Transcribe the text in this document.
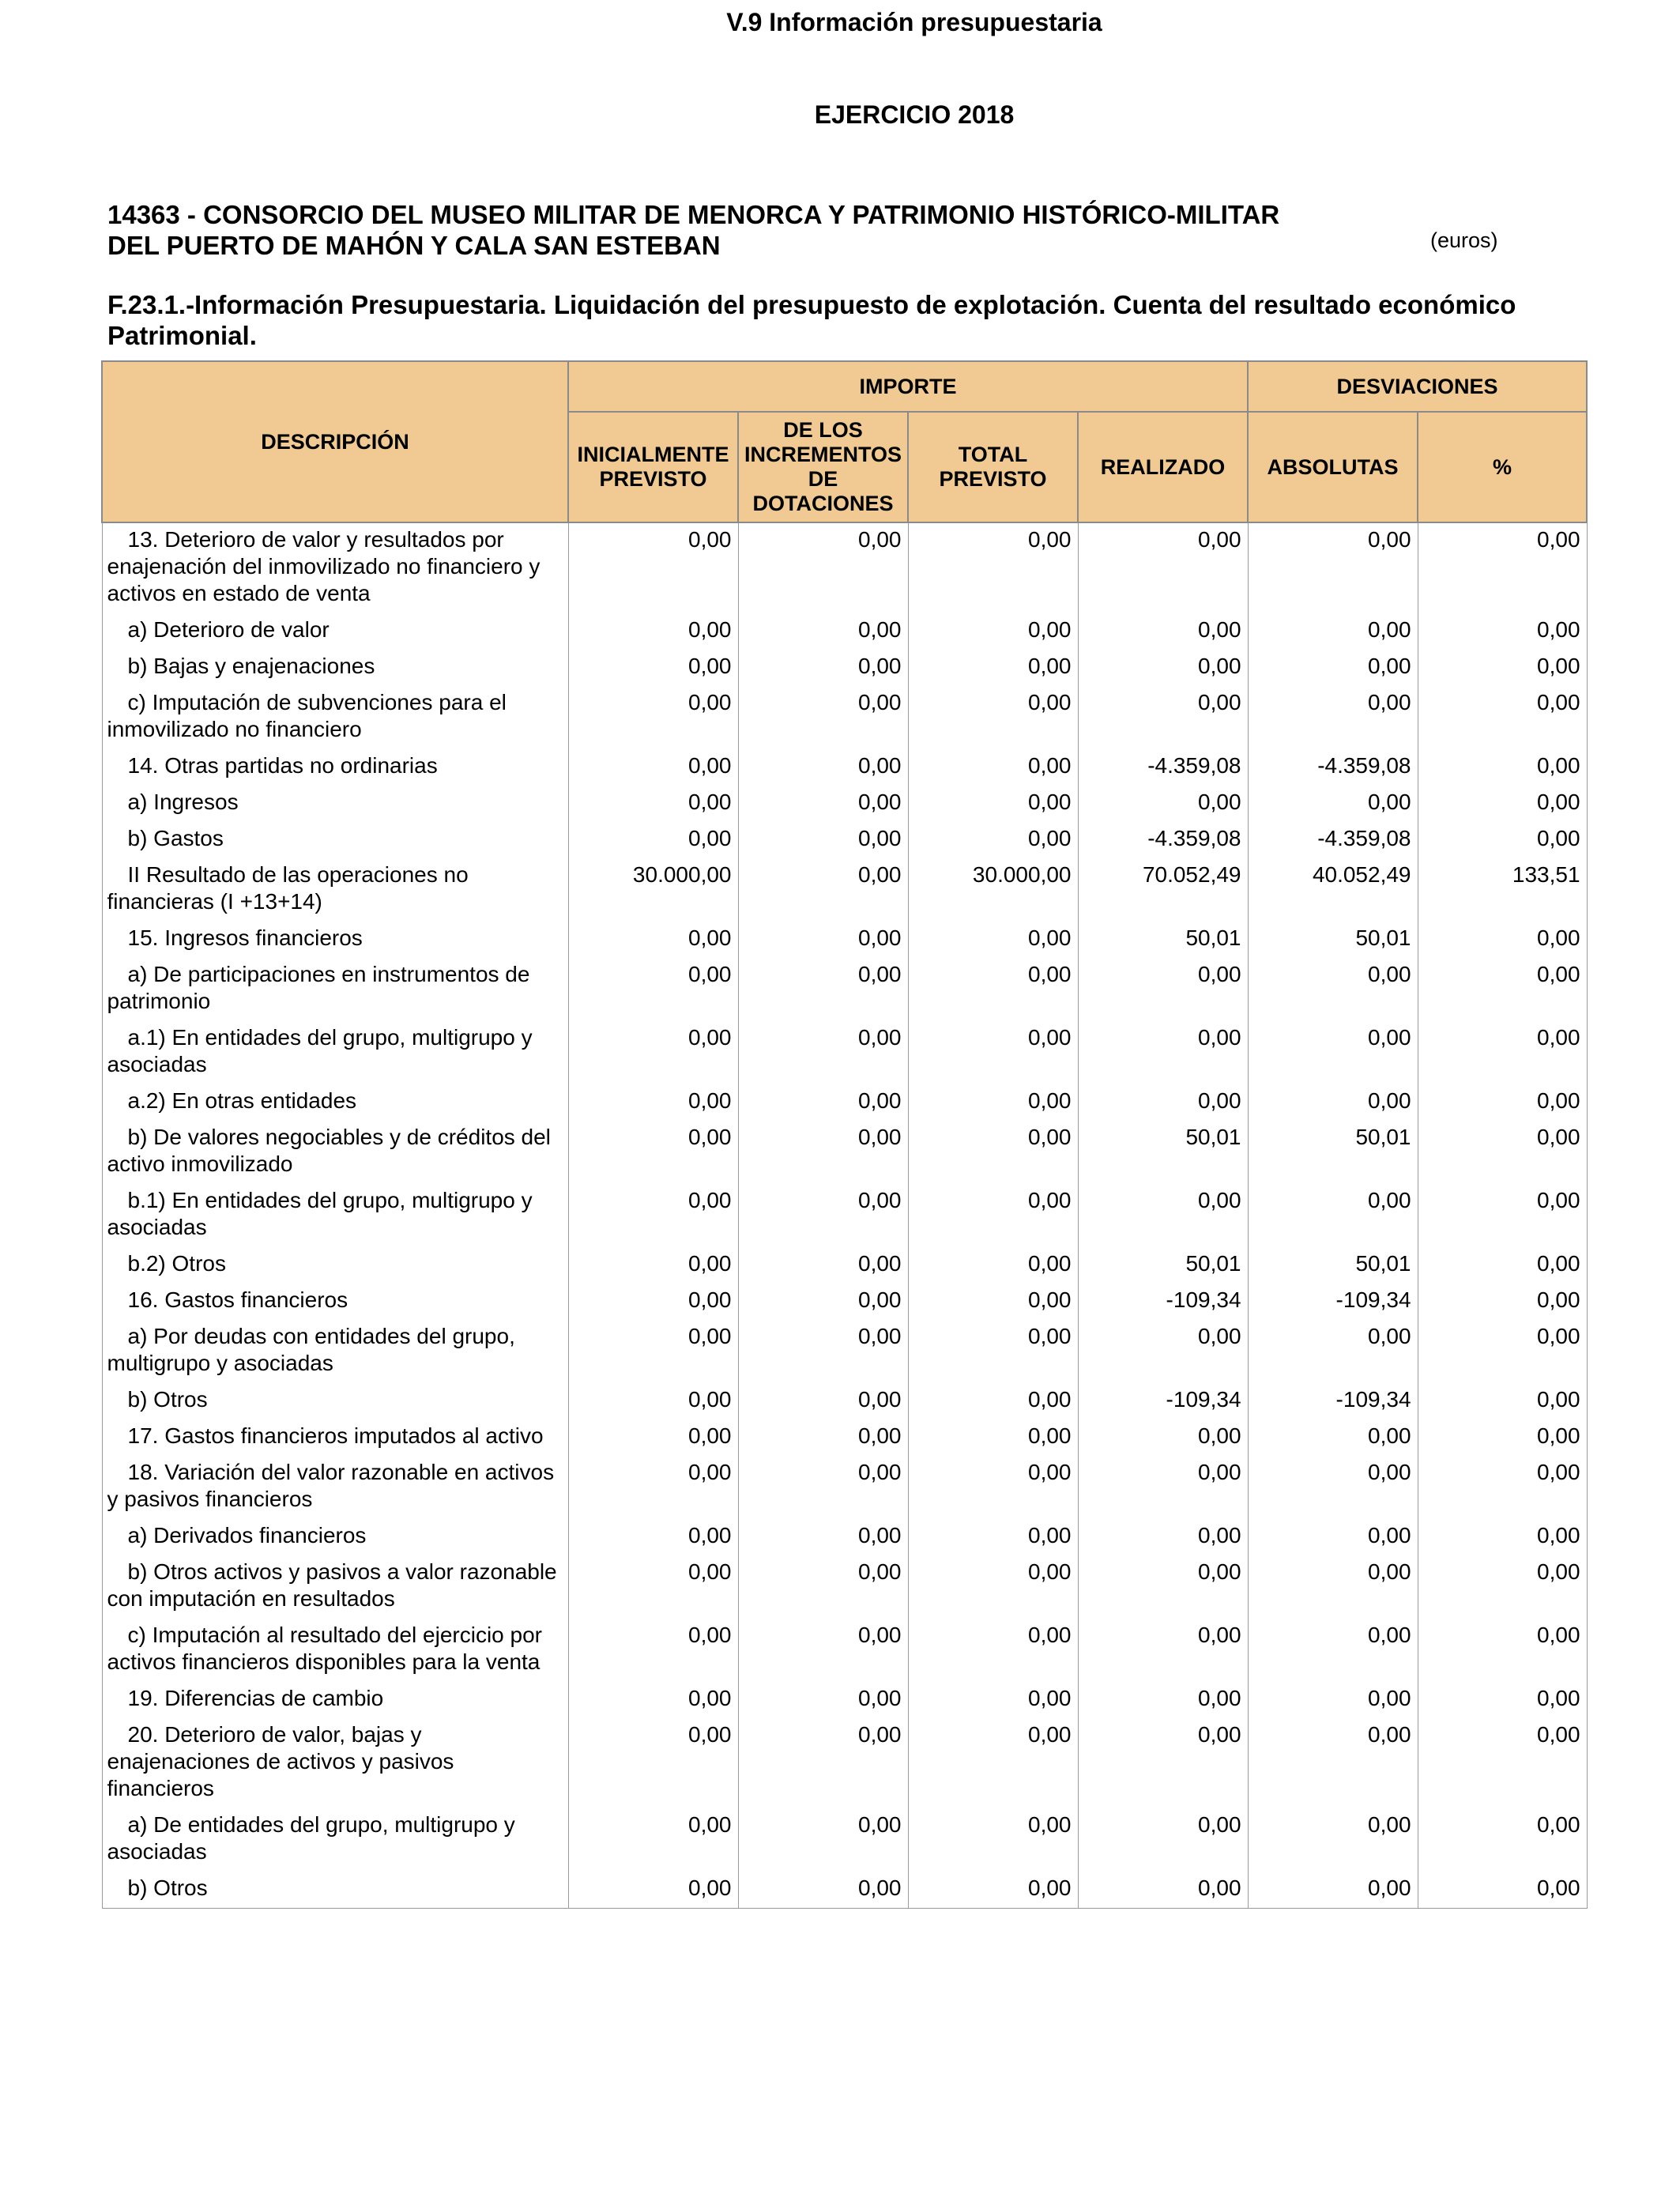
V.9 Información presupuestaria
EJERCICIO 2018
14363 - CONSORCIO DEL MUSEO MILITAR DE MENORCA Y PATRIMONIO HISTÓRICO-MILITAR DEL PUERTO DE MAHÓN Y CALA SAN ESTEBAN	(euros)
F.23.1.-Información Presupuestaria. Liquidación del presupuesto de explotación. Cuenta del resultado económico Patrimonial.
DESCRIPCIÓN	IMPORTE				DESVIACIONES	
	INICIALMENTE PREVISTO	DE LOS INCREMENTOS DE DOTACIONES	TOTAL PREVISTO	REALIZADO	ABSOLUTAS	%
13. Deterioro de valor y resultados por enajenación del inmovilizado no financiero y activos en estado de venta	0,00	0,00	0,00	0,00	0,00	0,00
a) Deterioro de valor	0,00	0,00	0,00	0,00	0,00	0,00
b) Bajas y enajenaciones	0,00	0,00	0,00	0,00	0,00	0,00
c) Imputación de subvenciones para el inmovilizado no financiero	0,00	0,00	0,00	0,00	0,00	0,00
14. Otras partidas no ordinarias	0,00	0,00	0,00	-4.359,08	-4.359,08	0,00
a) Ingresos	0,00	0,00	0,00	0,00	0,00	0,00
b) Gastos	0,00	0,00	0,00	-4.359,08	-4.359,08	0,00
II Resultado de las operaciones no financieras (I +13+14)	30.000,00	0,00	30.000,00	70.052,49	40.052,49	133,51
15. Ingresos financieros	0,00	0,00	0,00	50,01	50,01	0,00
a) De participaciones en instrumentos de patrimonio	0,00	0,00	0,00	0,00	0,00	0,00
a.1) En entidades del grupo, multigrupo y asociadas	0,00	0,00	0,00	0,00	0,00	0,00
a.2) En otras entidades	0,00	0,00	0,00	0,00	0,00	0,00
b) De valores negociables y de créditos del activo inmovilizado	0,00	0,00	0,00	50,01	50,01	0,00
b.1) En entidades del grupo, multigrupo y asociadas	0,00	0,00	0,00	0,00	0,00	0,00
b.2) Otros	0,00	0,00	0,00	50,01	50,01	0,00
16. Gastos financieros	0,00	0,00	0,00	-109,34	-109,34	0,00
a) Por deudas con entidades del grupo, multigrupo y asociadas	0,00	0,00	0,00	0,00	0,00	0,00
b) Otros	0,00	0,00	0,00	-109,34	-109,34	0,00
17. Gastos financieros imputados al activo	0,00	0,00	0,00	0,00	0,00	0,00
18. Variación del valor razonable en activos y pasivos financieros	0,00	0,00	0,00	0,00	0,00	0,00
a) Derivados financieros	0,00	0,00	0,00	0,00	0,00	0,00
b) Otros activos y pasivos a valor razonable con imputación en resultados	0,00	0,00	0,00	0,00	0,00	0,00
c) Imputación al resultado del ejercicio por activos financieros disponibles para la venta	0,00	0,00	0,00	0,00	0,00	0,00
19. Diferencias de cambio	0,00	0,00	0,00	0,00	0,00	0,00
20. Deterioro de valor, bajas y enajenaciones de activos y pasivos financieros	0,00	0,00	0,00	0,00	0,00	0,00
a) De entidades del grupo, multigrupo y asociadas	0,00	0,00	0,00	0,00	0,00	0,00
b) Otros	0,00	0,00	0,00	0,00	0,00	0,00
